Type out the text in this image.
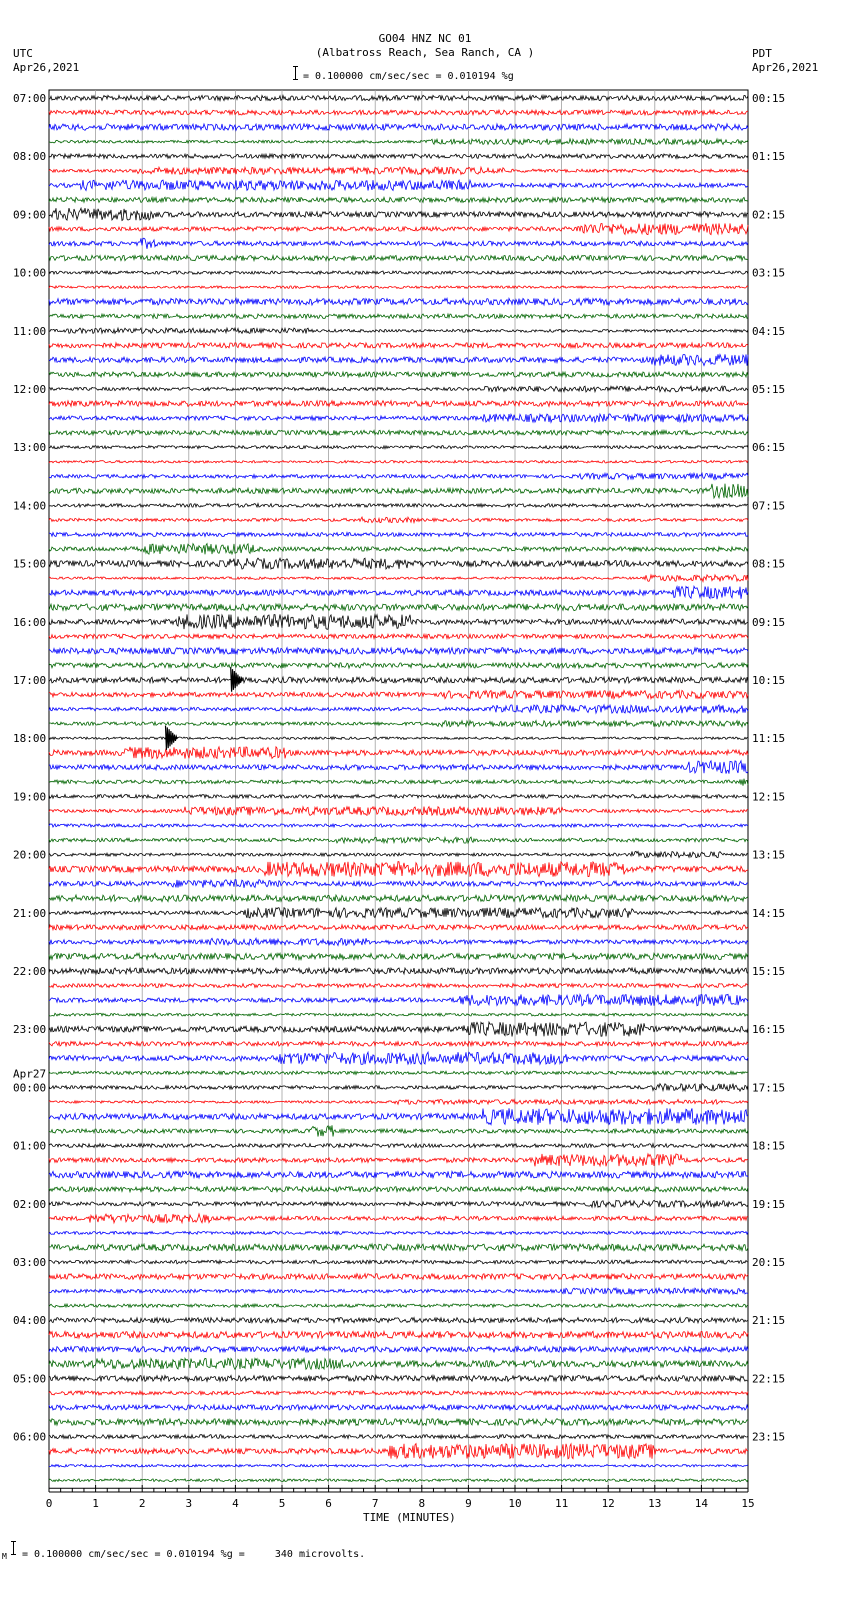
GO04 HNZ NC 01
(Albatross Reach, Sea Ranch, CA )
= 0.100000 cm/sec/sec = 0.010194 %g
UTC
Apr26,2021
PDT
Apr26,2021
07:00
08:00
09:00
10:00
11:00
12:00
13:00
14:00
15:00
16:00
17:00
18:00
19:00
20:00
21:00
22:00
23:00
00:00
01:00
02:00
03:00
04:00
05:00
06:00
00:15
01:15
02:15
03:15
04:15
05:15
06:15
07:15
08:15
09:15
10:15
11:15
12:15
13:15
14:15
15:15
16:15
17:15
18:15
19:15
20:15
21:15
22:15
23:15
Apr27
0	1	2	3	4	5	6	7	8	9	10	11	12	13	14	15
TIME (MINUTES)
M = 0.100000 cm/sec/sec = 0.010194 %g =     340 microvolts.
